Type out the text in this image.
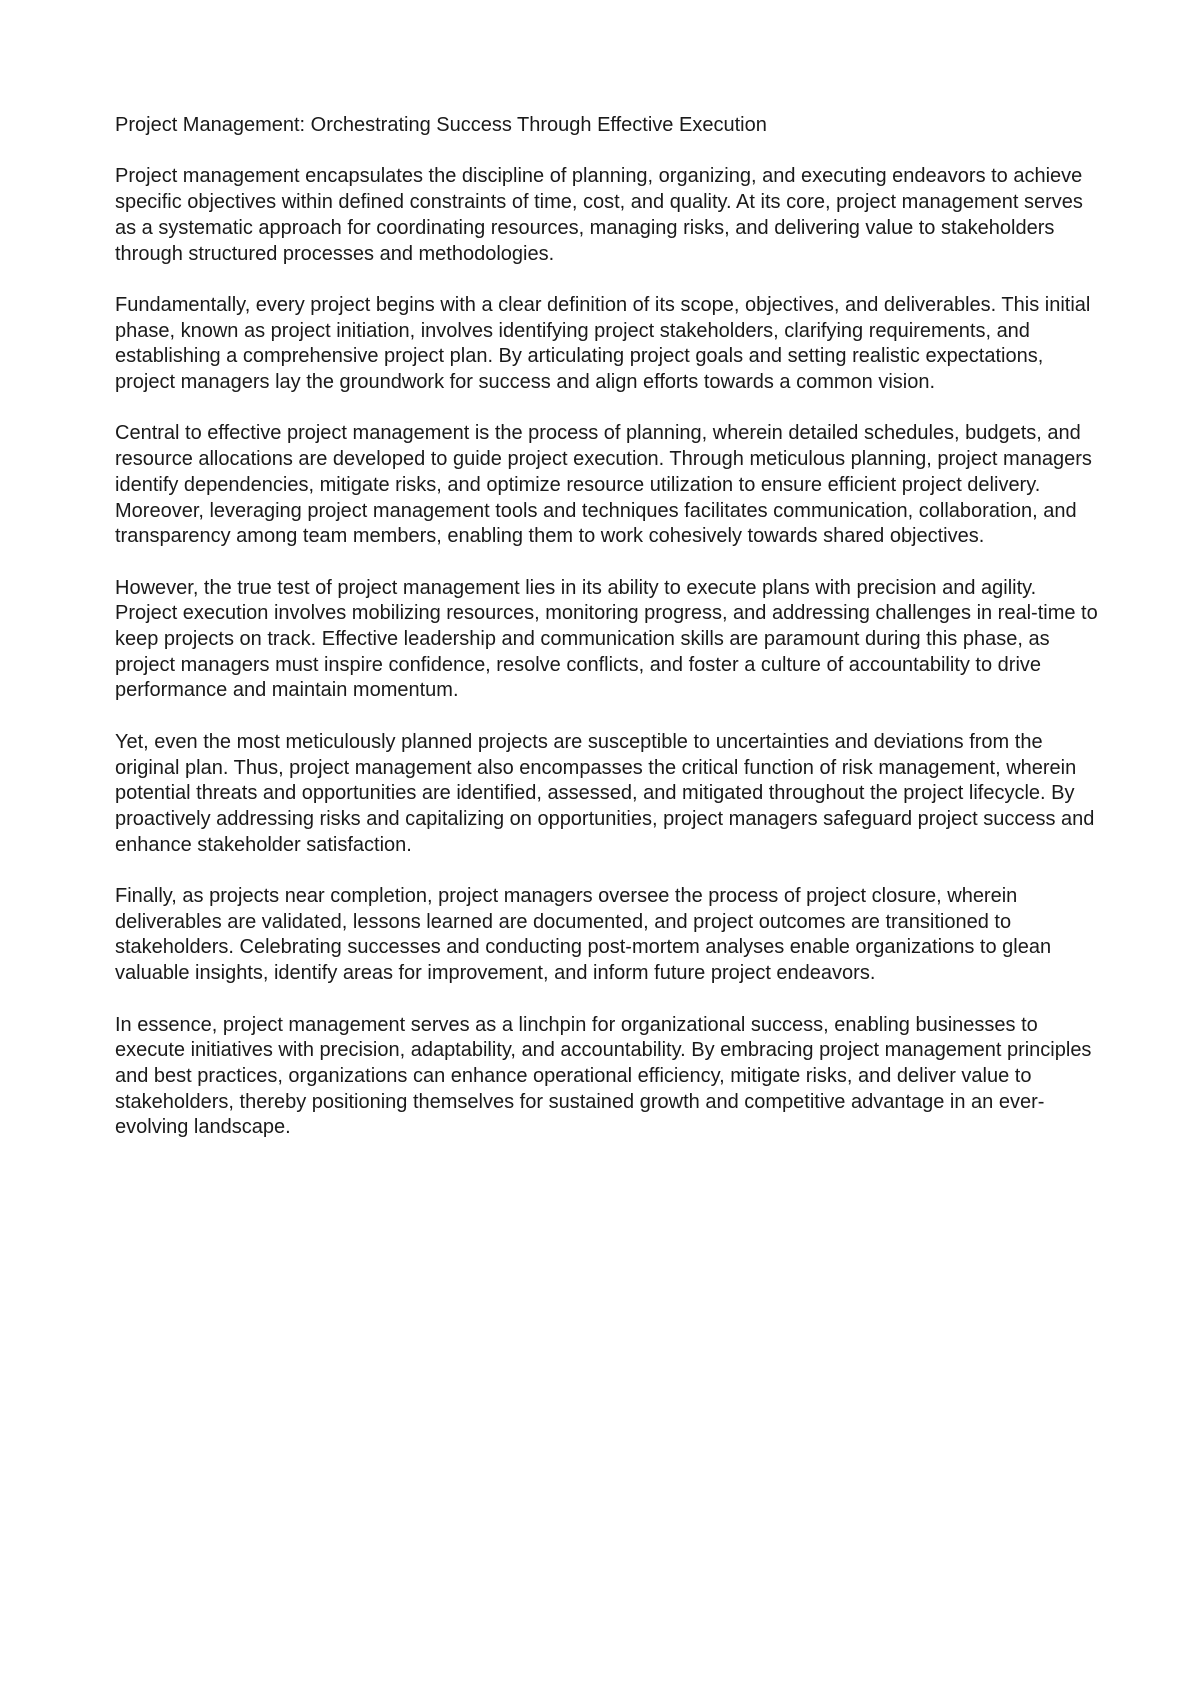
Project Management: Orchestrating Success Through Effective Execution

Project management encapsulates the discipline of planning, organizing, and executing endeavors to achieve specific objectives within defined constraints of time, cost, and quality. At its core, project management serves as a systematic approach for coordinating resources, managing risks, and delivering value to stakeholders through structured processes and methodologies.

Fundamentally, every project begins with a clear definition of its scope, objectives, and deliverables. This initial phase, known as project initiation, involves identifying project stakeholders, clarifying requirements, and establishing a comprehensive project plan. By articulating project goals and setting realistic expectations, project managers lay the groundwork for success and align efforts towards a common vision.

Central to effective project management is the process of planning, wherein detailed schedules, budgets, and resource allocations are developed to guide project execution. Through meticulous planning, project managers identify dependencies, mitigate risks, and optimize resource utilization to ensure efficient project delivery. Moreover, leveraging project management tools and techniques facilitates communication, collaboration, and transparency among team members, enabling them to work cohesively towards shared objectives.

However, the true test of project management lies in its ability to execute plans with precision and agility. Project execution involves mobilizing resources, monitoring progress, and addressing challenges in real-time to keep projects on track. Effective leadership and communication skills are paramount during this phase, as project managers must inspire confidence, resolve conflicts, and foster a culture of accountability to drive performance and maintain momentum.

Yet, even the most meticulously planned projects are susceptible to uncertainties and deviations from the original plan. Thus, project management also encompasses the critical function of risk management, wherein potential threats and opportunities are identified, assessed, and mitigated throughout the project lifecycle. By proactively addressing risks and capitalizing on opportunities, project managers safeguard project success and enhance stakeholder satisfaction.

Finally, as projects near completion, project managers oversee the process of project closure, wherein deliverables are validated, lessons learned are documented, and project outcomes are transitioned to stakeholders. Celebrating successes and conducting post-mortem analyses enable organizations to glean valuable insights, identify areas for improvement, and inform future project endeavors.

In essence, project management serves as a linchpin for organizational success, enabling businesses to execute initiatives with precision, adaptability, and accountability. By embracing project management principles and best practices, organizations can enhance operational efficiency, mitigate risks, and deliver value to stakeholders, thereby positioning themselves for sustained growth and competitive advantage in an ever-evolving landscape.
